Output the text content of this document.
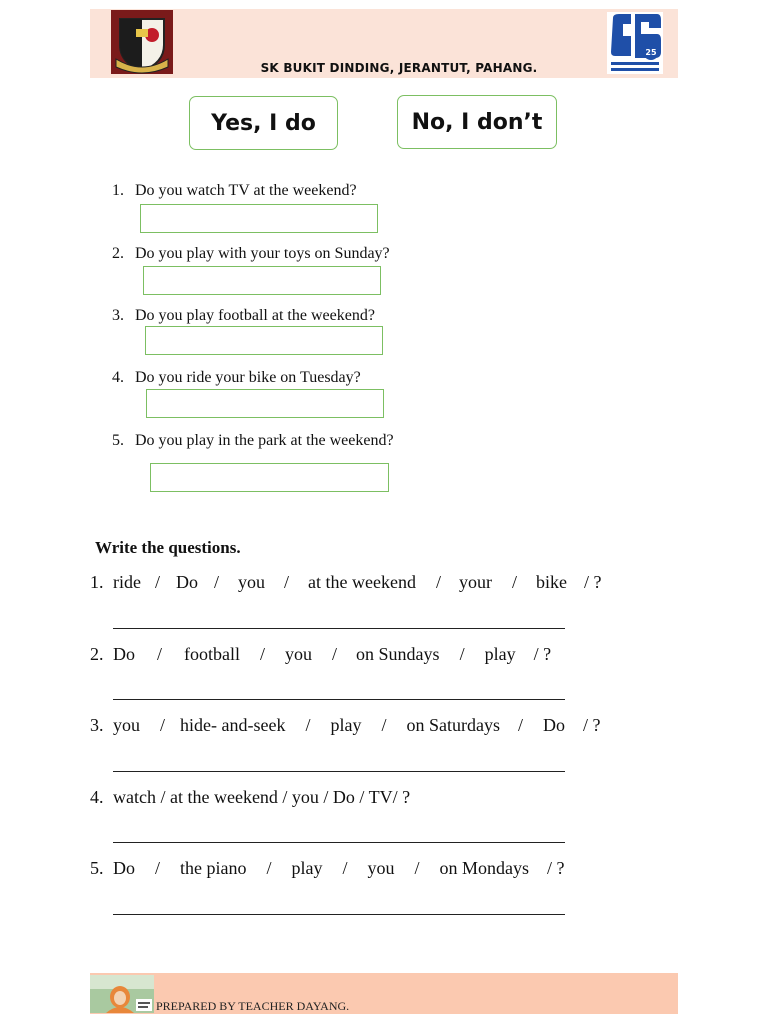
SK BUKIT DINDING, JERANTUT, PAHANG.
25
Yes, I do	No, I don’t
1. Do you watch TV at the weekend?
2. Do you play with your toys on Sunday?
3. Do you play football at the weekend?
4. Do you ride your bike on Tuesday?
5. Do you play in the park at the weekend?
Write the questions.
1. ride / Do / you / at the weekend / your / bike / ?
2. Do / football / you / on Sundays / play / ?
3. you / hide- and-seek / play / on Saturdays / Do / ?
4. watch / at the weekend / you / Do / TV/ ?
5. Do / the piano / play / you / on Mondays / ?
PREPARED BY TEACHER DAYANG.
